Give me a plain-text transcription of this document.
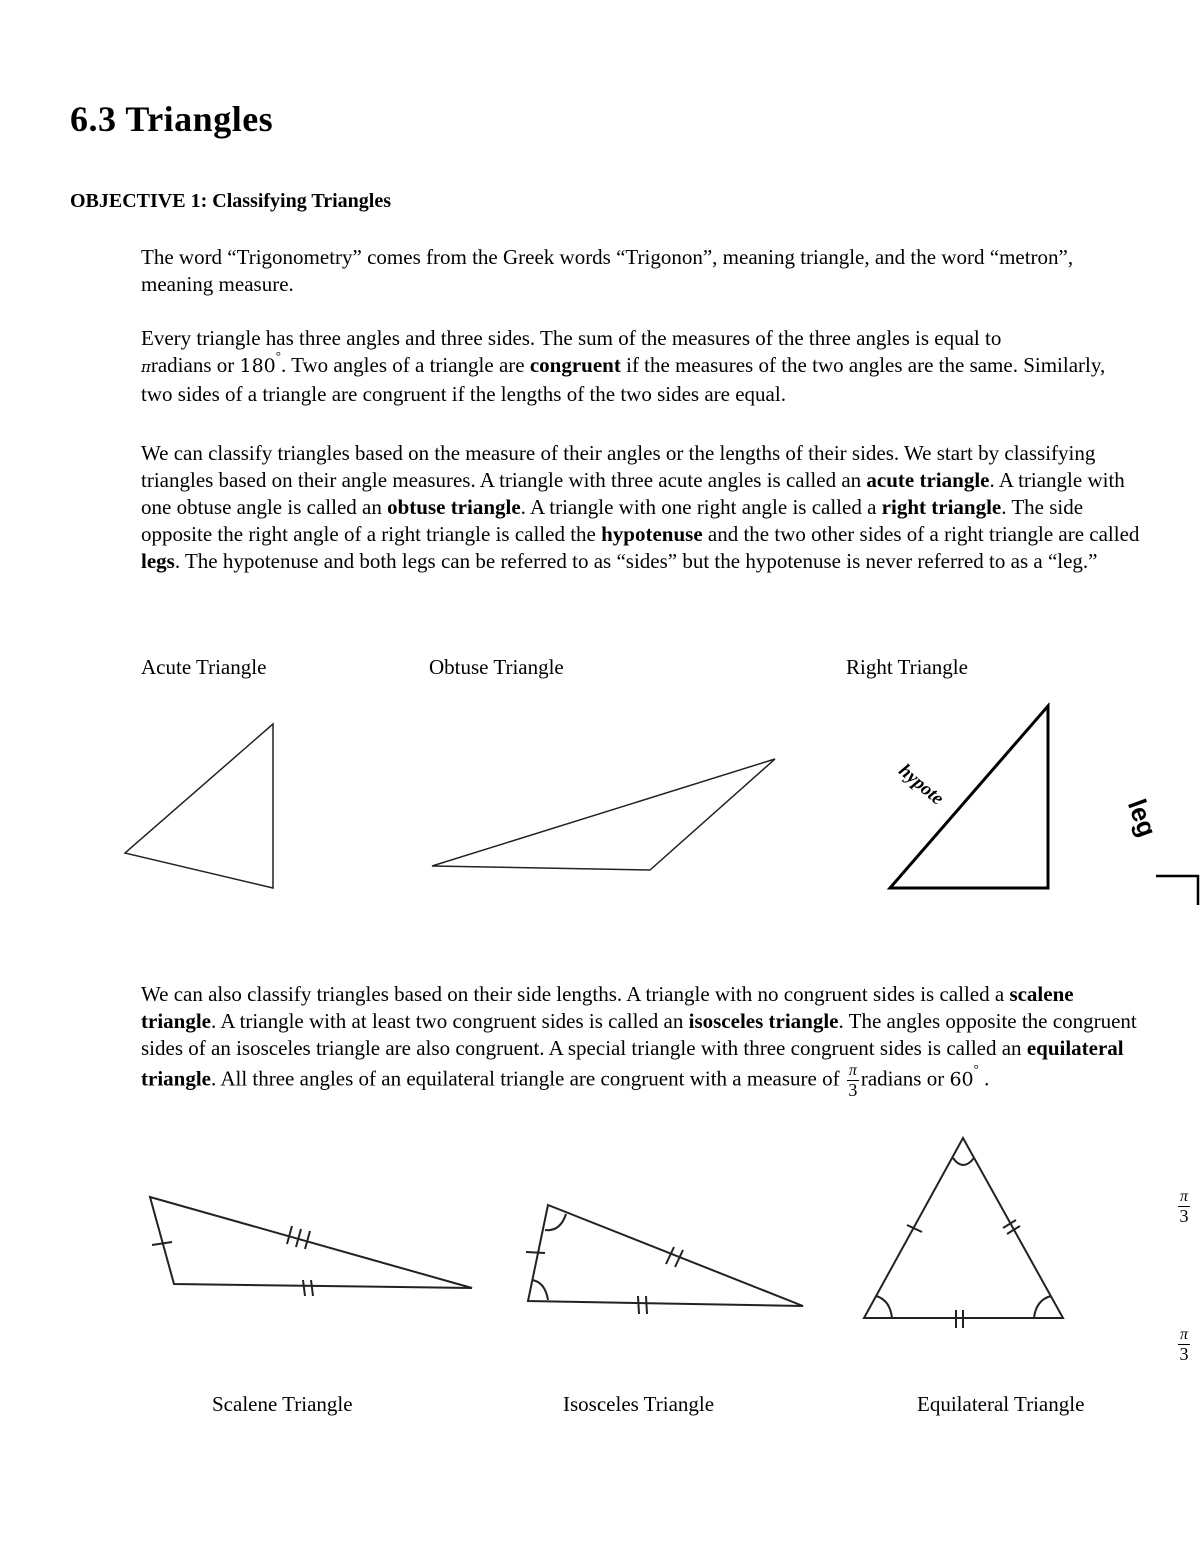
6.3 Triangles
OBJECTIVE 1: Classifying Triangles

The word “Trigonometry” comes from the Greek words “Trigonon”, meaning triangle, and the word “metron”, meaning measure.

Every triangle has three angles and three sides. The sum of the measures of the three angles is equal to
πradians or 180°. Two angles of a triangle are congruent if the measures of the two angles are the same. Similarly, two sides of a triangle are congruent if the lengths of the two sides are equal.

We can classify triangles based on the measure of their angles or the lengths of their sides. We start by classifying triangles based on their angle measures. A triangle with three acute angles is called an acute triangle. A triangle with one obtuse angle is called an obtuse triangle. A triangle with one right angle is called a right triangle. The side opposite the right angle of a right triangle is called the hypotenuse and the two other sides of a right triangle are called legs. The hypotenuse and both legs can be referred to as “sides” but the hypotenuse is never referred to as a “leg.”

Acute Triangle	Obtuse Triangle	Right Triangle
hypote
leg

We can also classify triangles based on their side lengths. A triangle with no congruent sides is called a scalene triangle. A triangle with at least two congruent sides is called an isosceles triangle. The angles opposite the congruent sides of an isosceles triangle are also congruent. A special triangle with three congruent sides is called an equilateral triangle. All three angles of an equilateral triangle are congruent with a measure of $\frac{\pi}{3}$ radians or 60° .

Scalene Triangle	Isosceles Triangle	Equilateral Triangle
$\frac{\pi}{3}$
$\frac{\pi}{3}$
